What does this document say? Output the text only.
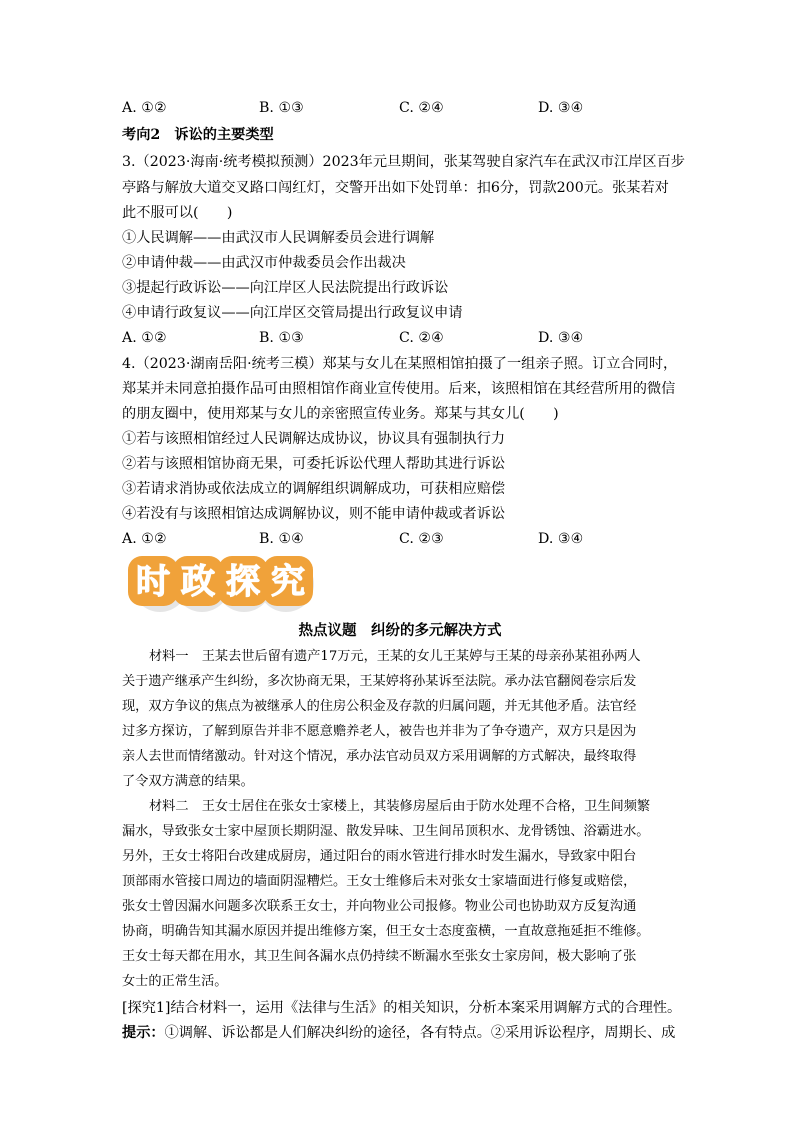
A. ①②	B. ①③	C. ②④	D. ③④
考向2　诉讼的主要类型
3.（2023·海南·统考模拟预测）2023年元旦期间，张某驾驶自家汽车在武汉市江岸区百步
亭路与解放大道交叉路口闯红灯，交警开出如下处罚单：扣6分，罚款200元。张某若对
此不服可以(　　)
①人民调解——由武汉市人民调解委员会进行调解
②申请仲裁——由武汉市仲裁委员会作出裁决
③提起行政诉讼——向江岸区人民法院提出行政诉讼
④申请行政复议——向江岸区交管局提出行政复议申请
A. ①②	B. ①③	C. ②④	D. ③④
4.（2023·湖南岳阳·统考三模）郑某与女儿在某照相馆拍摄了一组亲子照。订立合同时，
郑某并未同意拍摄作品可由照相馆作商业宣传使用。后来，该照相馆在其经营所用的微信
的朋友圈中，使用郑某与女儿的亲密照宣传业务。郑某与其女儿(　　)
①若与该照相馆经过人民调解达成协议，协议具有强制执行力
②若与该照相馆协商无果，可委托诉讼代理人帮助其进行诉讼
③若请求消协或依法成立的调解组织调解成功，可获相应赔偿
④若没有与该照相馆达成调解协议，则不能申请仲裁或者诉讼
A. ①②	B. ①④	C. ②③	D. ③④
时 政 探 究
热点议题　纠纷的多元解决方式
材料一　王某去世后留有遗产17万元，王某的女儿王某婷与王某的母亲孙某祖孙两人
关于遗产继承产生纠纷，多次协商无果，王某婷将孙某诉至法院。承办法官翻阅卷宗后发
现，双方争议的焦点为被继承人的住房公积金及存款的归属问题，并无其他矛盾。法官经
过多方探访，了解到原告并非不愿意赡养老人，被告也并非为了争夺遗产，双方只是因为
亲人去世而情绪激动。针对这个情况，承办法官动员双方采用调解的方式解决，最终取得
了令双方满意的结果。
材料二　王女士居住在张女士家楼上，其装修房屋后由于防水处理不合格，卫生间频繁
漏水，导致张女士家中屋顶长期阴湿、散发异味、卫生间吊顶积水、龙骨锈蚀、浴霸进水。
另外，王女士将阳台改建成厨房，通过阳台的雨水管进行排水时发生漏水，导致家中阳台
顶部雨水管接口周边的墙面阴湿糟烂。王女士维修后未对张女士家墙面进行修复或赔偿，
张女士曾因漏水问题多次联系王女士，并向物业公司报修。物业公司也协助双方反复沟通
协商，明确告知其漏水原因并提出维修方案，但王女士态度蛮横，一直故意拖延拒不维修。
王女士每天都在用水，其卫生间各漏水点仍持续不断漏水至张女士家房间，极大影响了张
女士的正常生活。
[探究1]结合材料一，运用《法律与生活》的相关知识，分析本案采用调解方式的合理性。
提示：①调解、诉讼都是人们解决纠纷的途径，各有特点。②采用诉讼程序，周期长、成
